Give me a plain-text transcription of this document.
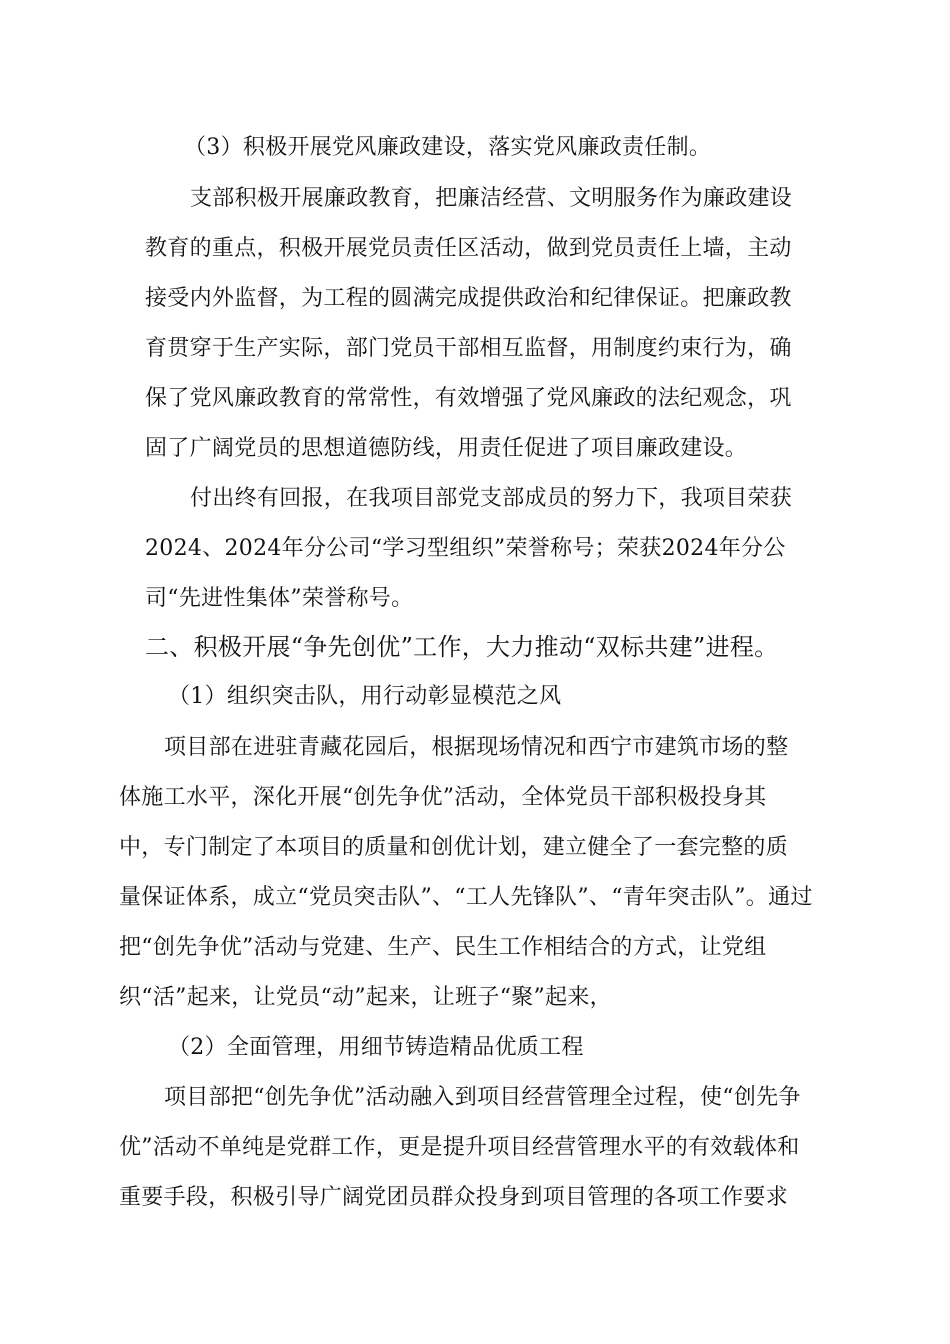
（3）积极开展党风廉政建设，落实党风廉政责任制。
支部积极开展廉政教育，把廉洁经营、文明服务作为廉政建设
教育的重点，积极开展党员责任区活动，做到党员责任上墙，主动
接受内外监督，为工程的圆满完成提供政治和纪律保证。把廉政教
育贯穿于生产实际，部门党员干部相互监督，用制度约束行为，确
保了党风廉政教育的常常性，有效增强了党风廉政的法纪观念，巩
固了广阔党员的思想道德防线，用责任促进了项目廉政建设。
付出终有回报，在我项目部党支部成员的努力下，我项目荣获
2024、2024年分公司“学习型组织”荣誉称号；荣获2024年分公
司“先进性集体”荣誉称号。
二、积极开展“争先创优”工作，大力推动“双标共建”进程。
（1）组织突击队，用行动彰显模范之风
项目部在进驻青藏花园后，根据现场情况和西宁市建筑市场的整
体施工水平，深化开展“创先争优”活动，全体党员干部积极投身其
中，专门制定了本项目的质量和创优计划，建立健全了一套完整的质
量保证体系，成立“党员突击队”、“工人先锋队”、“青年突击队”。通过
把“创先争优”活动与党建、生产、民生工作相结合的方式，让党组
织“活”起来，让党员“动”起来，让班子“聚”起来，
（2）全面管理，用细节铸造精品优质工程
项目部把“创先争优”活动融入到项目经营管理全过程，使“创先争
优”活动不单纯是党群工作，更是提升项目经营管理水平的有效载体和
重要手段，积极引导广阔党团员群众投身到项目管理的各项工作要求
